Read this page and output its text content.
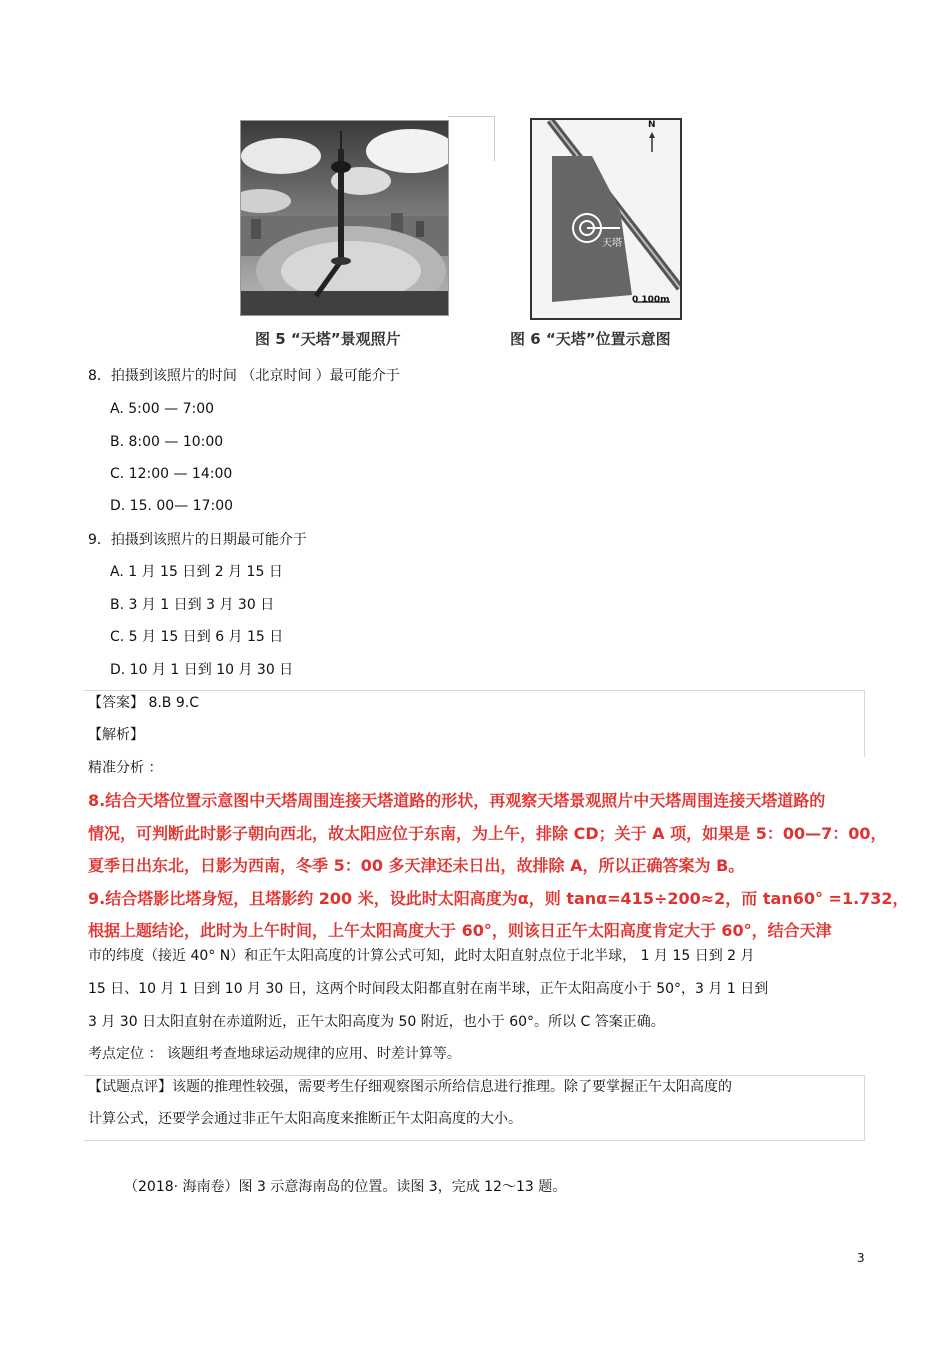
N
天塔
0 100m
图 5 “天塔”景观照片	图 6 “天塔”位置示意图
8．拍摄到该照片的时间 （北京时间 ）最可能介于
A. 5:00 — 7:00
B. 8:00 — 10:00
C. 12:00 — 14:00
D. 15. 00— 17:00
9．拍摄到该照片的日期最可能介于
A. 1 月 15 日到 2 月 15 日
B. 3 月 1 日到 3 月 30 日
C. 5 月 15 日到 6 月 15 日
D. 10 月 1 日到 10 月 30 日
【答案】 8.B 9.C
【解析】
精准分析 ：
8.结合天塔位置示意图中天塔周围连接天塔道路的形状，再观察天塔景观照片中天塔周围连接天塔道路的
情况，可判断此时影子朝向西北，故太阳应位于东南，为上午，排除 CD；关于 A 项，如果是 5：00—7：00，
夏季日出东北，日影为西南，冬季 5：00 多天津还未日出，故排除 A，所以正确答案为 B。
9.结合塔影比塔身短，且塔影约 200 米，设此时太阳高度为α，则 tanα=415÷200≈2，而 tan60° =1.732，
根据上题结论，此时为上午时间，上午太阳高度大于 60°，则该日正午太阳高度肯定大于 60°，结合天津
市的纬度（接近 40° N）和正午太阳高度的计算公式可知，此时太阳直射点位于北半球， 1 月 15 日到 2 月
15 日、10 月 1 日到 10 月 30 日，这两个时间段太阳都直射在南半球，正午太阳高度小于 50°，3 月 1 日到
3 月 30 日太阳直射在赤道附近，正午太阳高度为 50 附近，也小于 60°。所以 C 答案正确。
考点定位 ： 该题组考查地球运动规律的应用、时差计算等。
【试题点评】该题的推理性较强，需要考生仔细观察图示所给信息进行推理。除了要掌握正午太阳高度的
计算公式，还要学会通过非正午太阳高度来推断正午太阳高度的大小。
（2018· 海南卷）图 3 示意海南岛的位置。读图 3，完成 12～13 题。
3
